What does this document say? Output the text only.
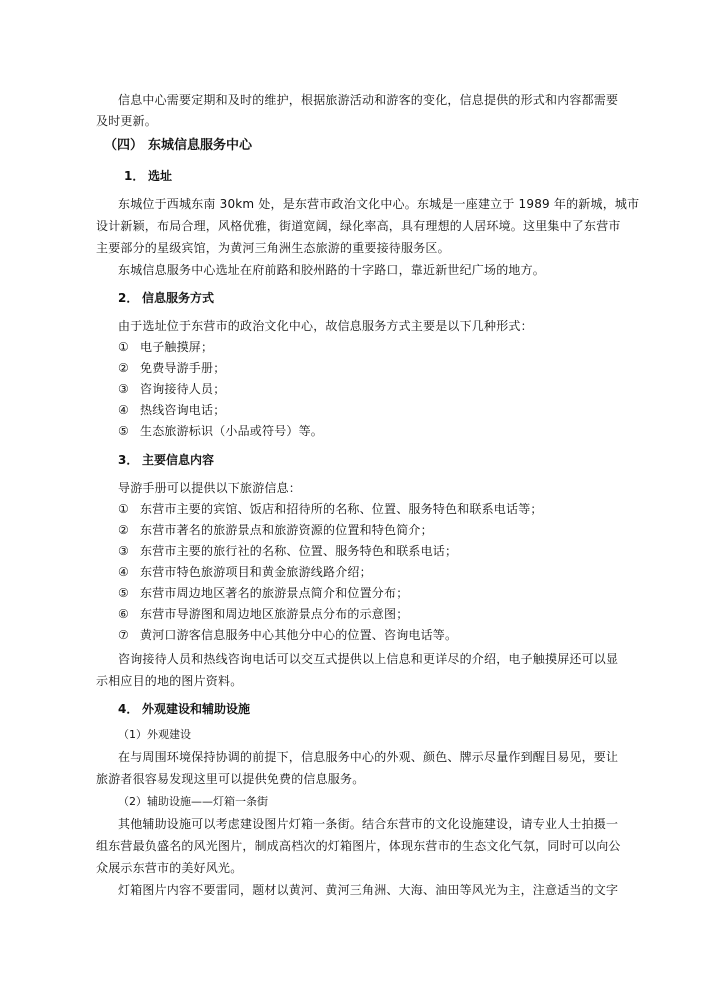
信息中心需要定期和及时的维护，根据旅游活动和游客的变化，信息提供的形式和内容都需要
及时更新。
（四） 东城信息服务中心
1． 选址
东城位于西城东南 30km 处，是东营市政治文化中心。东城是一座建立于 1989 年的新城，城市
设计新颖，布局合理，风格优雅，街道宽阔，绿化率高，具有理想的人居环境。这里集中了东营市
主要部分的星级宾馆，为黄河三角洲生态旅游的重要接待服务区。
东城信息服务中心选址在府前路和胶州路的十字路口，靠近新世纪广场的地方。
2． 信息服务方式
由于选址位于东营市的政治文化中心，故信息服务方式主要是以下几种形式：
① 电子触摸屏；
② 免费导游手册；
③ 咨询接待人员；
④ 热线咨询电话；
⑤ 生态旅游标识（小品或符号）等。
3． 主要信息内容
导游手册可以提供以下旅游信息：
① 东营市主要的宾馆、饭店和招待所的名称、位置、服务特色和联系电话等；
② 东营市著名的旅游景点和旅游资源的位置和特色简介；
③ 东营市主要的旅行社的名称、位置、服务特色和联系电话；
④ 东营市特色旅游项目和黄金旅游线路介绍；
⑤ 东营市周边地区著名的旅游景点简介和位置分布；
⑥ 东营市导游图和周边地区旅游景点分布的示意图；
⑦ 黄河口游客信息服务中心其他分中心的位置、咨询电话等。
咨询接待人员和热线咨询电话可以交互式提供以上信息和更详尽的介绍，电子触摸屏还可以显
示相应目的地的图片资料。
4． 外观建设和辅助设施
（1）外观建设
在与周围环境保持协调的前提下，信息服务中心的外观、颜色、牌示尽量作到醒目易见，要让
旅游者很容易发现这里可以提供免费的信息服务。
（2）辅助设施——灯箱一条街
其他辅助设施可以考虑建设图片灯箱一条街。结合东营市的文化设施建设，请专业人士拍摄一
组东营最负盛名的风光图片，制成高档次的灯箱图片，体现东营市的生态文化气氛，同时可以向公
众展示东营市的美好风光。
灯箱图片内容不要雷同，题材以黄河、黄河三角洲、大海、油田等风光为主，注意适当的文字
